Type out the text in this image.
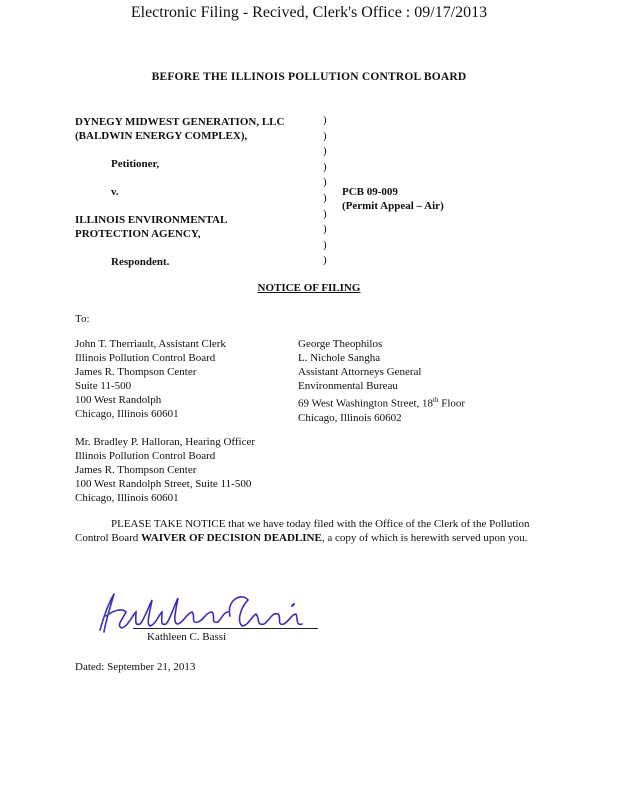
Electronic Filing - Recived, Clerk's Office : 09/17/2013
BEFORE THE ILLINOIS POLLUTION CONTROL BOARD
DYNEGY MIDWEST GENERATION, LLC
(BALDWIN ENERGY COMPLEX),
Petitioner,
v.
ILLINOIS ENVIRONMENTAL
PROTECTION AGENCY,
Respondent.
)
)
)
)
)
)
)
)
)
)
PCB 09-009
(Permit Appeal – Air)
NOTICE OF FILING
To:
John T. Therriault, Assistant Clerk
Illinois Pollution Control Board
James R. Thompson Center
Suite 11-500
100 West Randolph
Chicago, Illinois 60601
George Theophilos
L. Nichole Sangha
Assistant Attorneys General
Environmental Bureau
69 West Washington Street, 18th Floor
Chicago, Illinois 60602
Mr. Bradley P. Halloran, Hearing Officer
Illinois Pollution Control Board
James R. Thompson Center
100 West Randolph Street, Suite 11-500
Chicago, Illinois 60601
PLEASE TAKE NOTICE that we have today filed with the Office of the Clerk of the Pollution Control Board WAIVER OF DECISION DEADLINE, a copy of which is herewith served upon you.
Kathleen C. Bassi
Dated: September 21, 2013
